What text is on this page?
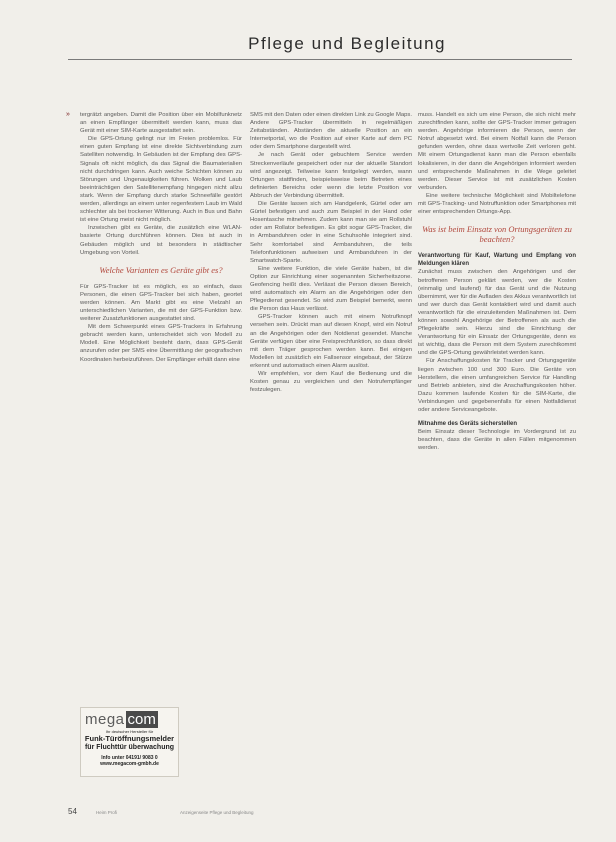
Pflege und Begleitung
» tergrätzt angeben. Damit die Position über ein Mobilfunknetz an einen Empfänger übermittelt werden kann, muss das Gerät mit einer SIM-Karte ausgestattet sein.

Die GPS-Ortung gelingt nur im Freien problemlos. Für einen guten Empfang ist eine direkte Sichtverbindung zum Satelliten notwendig. In Gebäuden ist der Empfang des GPS-Signals oft nicht möglich, da das Signal die Baumaterialien nicht durchdringen kann. Auch weiche Schichten können zu Störungen und Ungenauigkeiten führen. Wolken und Laub beeinträchtigen den Satellitenempfang hingegen nicht allzu stark. Wenn der Empfang durch starke Schneefälle gestört werden, allerdings an einem unter regenfestem Laub im Wald schlechter als bei trockener Witterung. Auch in Bus und Bahn ist eine Ortung meist nicht möglich.

Inzwischen gibt es Geräte, die zusätzlich eine WLAN-basierte Ortung durchführen können. Dies ist auch in Gebäuden möglich und ist besonders in städtischer Umgebung von Vorteil.

Welche Varianten es Geräte gibt es?

Für GPS-Tracker ist es möglich, es so einfach, dass Personen, die einen GPS-Tracker bei sich haben, geortet werden können. Am Markt gibt es eine Vielzahl an unterschiedlichen Varianten, die mit der GPS-Funktion bzw. weiterer Zusatzfunktionen ausgestattet sind.

Mit dem Schwerpunkt eines GPS-Trackers in Erfahrung gebracht werden kann, unterscheidet sich von Modell zu Modell. Eine Möglichkeit besteht darin, dass GPS-Gerät anzurufen oder per SMS eine Übermittlung der geografischen Koordinaten herbeizuführen. Der Empfänger erhält dann eine

SMS mit den Daten oder einen direkten Link zu Google Maps. Andere GPS-Tracker übermitteln in regelmäßigen Zeitabständen. Abständen die aktuelle Position an ein Internetportal, wo die Position auf einer Karte auf dem PC oder dem Smartphone dargestellt wird.

Je nach Gerät oder gebuchtem Service werden Streckenverläufe gespeichert oder nur der aktuelle Standort wird angezeigt. Teilweise kann festgelegt werden, wann Ortungen stattfinden, beispielsweise beim Betreten eines definierten Bereichs oder wenn die letzte Position vor Abbruch der Verbindung übermittelt.

Die Geräte lassen sich am Handgelenk, Gürtel oder am Gürtel befestigen und auch zum Beispiel in der Hand oder Hosentasche mitnehmen. Zudem kann man sie am Rollstuhl oder am Rollator befestigen. Es gibt sogar GPS-Tracker, die in Armbanduhren oder in eine Schuhsohle integriert sind. Sehr komfortabel sind Armbanduhren, die teils Telefonfunktionen aufweisen und Armbanduhren in der Smartwatch-Sparte.

Eine weitere Funktion, die viele Geräte haben, ist die Option zur Einrichtung einer sogenannten Sicherheitszone. Geofencing heißt dies. Verlässt die Person diesen Bereich, wird automatisch ein Alarm an die Angehörigen oder den Pflegedienst gesendet. So wird zum Beispiel bemerkt, wenn die Person das Haus verlässt.

GPS-Tracker können auch mit einem Notrufknopf versehen sein. Drückt man auf diesen Knopf, wird ein Notruf an die Angehörigen oder den Notdienst gesendet. Manche Geräte verfügen über eine Freisprechfunktion, so dass direkt mit dem Träger gesprochen werden kann. Bei einigen Modellen ist zusätzlich ein Fallsensor eingebaut, der Stürze erkennt und automatisch einen Alarm auslöst.

Wir empfehlen, vor dem Kauf die Bedienung und die Kosten genau zu vergleichen und den Notrufempfänger festzulegen.

muss. Handelt es sich um eine Person, die sich nicht mehr zurechtfinden kann, sollte der GPS-Tracker immer getragen werden. Angehörige informieren die Person, wenn der Notruf abgesetzt wird. Bei einem Notfall kann die Person gefunden werden, ohne dass wertvolle Zeit verloren geht. Mit einem Ortungsdienst kann man die Person ebenfalls lokalisieren, in der dann die Angehörigen informiert werden und entsprechende Maßnahmen in die Wege geleitet werden. Dieser Service ist mit zusätzlichen Kosten verbunden.

Eine weitere technische Möglichkeit sind Mobiltelefone mit GPS-Tracking- und Notruffunktion oder Smartphones mit einer entsprechenden Ortungs-App.

Was ist beim Einsatz von Ortungsgeräten zu beachten?

Verantwortung für Kauf, Wartung und Empfang von Meldungen klären

Zunächst muss zwischen den Angehörigen und der betroffenen Person geklärt werden, wer die Kosten (einmalig und laufend) für das Gerät und die Nutzung übernimmt, wer für die Aufladen des Akkus verantwortlich ist und wer durch das Gerät kontaktiert wird und damit auch verantwortlich für die einzuleitenden Maßnahmen ist. Dem können sowohl Angehörige der Betroffenen als auch die Pflegekräfte sein. Hierzu sind die Einrichtung der Verantwortung für ein Einsatz der Ortungsgeräte, denn es ist wichtig, dass die Person mit dem System zurechtkommt und die GPS-Ortung gewährleistet werden kann.

Für Anschaffungskosten für Tracker und Ortungsgeräte liegen zwischen 100 und 300 Euro. Die Geräte von Herstellern, die einen umfangreichen Service für Handling und Betrieb anbieten, sind die Anschaffungskosten höher. Dazu kommen laufende Kosten für die SIM-Karte, die Verbindungen und gegebenenfalls für einen Notfalldienst oder andere Serviceangebote.

Mitnahme des Geräts sicherstellen

Beim Einsatz dieser Technologie im Vordergrund ist zu beachten, dass die Geräte in allen Fällen mitgenommen werden.

mega com
Ihr deutscher Hersteller für
Funk-Türöffnungsmelder
für Fluchttür überwachung
Info unter 04191/ 9083 0
www.megacom-gmbh.de
54	Heim Profi	Anzeigenseite Pflege und Begleitung
